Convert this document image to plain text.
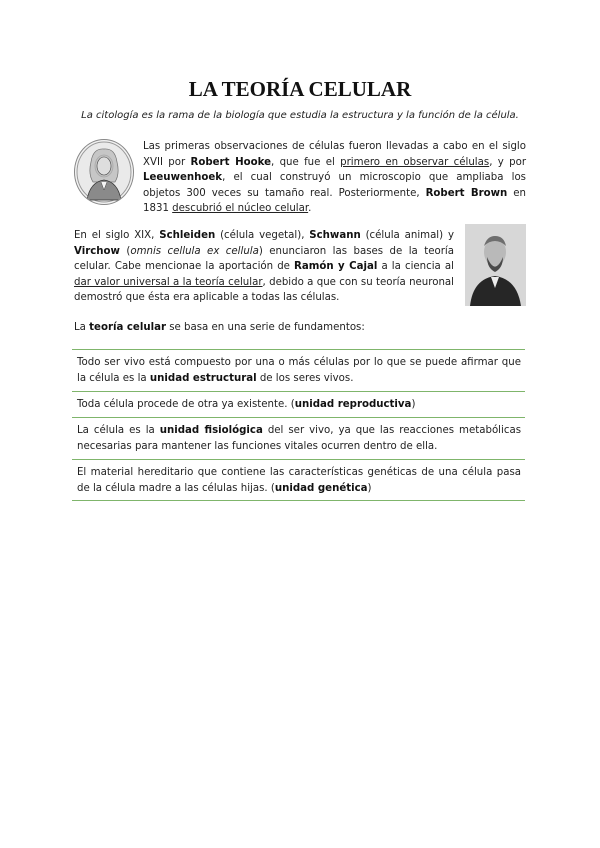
LA TEORÍA CELULAR
La citología es la rama de la biología que estudia la estructura y la función de la célula.
Las primeras observaciones de células fueron llevadas a cabo en el siglo XVII por Robert Hooke, que fue el primero en observar células, y por Leeuwenhoek, el cual construyó un microscopio que ampliaba los objetos 300 veces su tamaño real. Posteriormente, Robert Brown en 1831 descubrió el núcleo celular.
En el siglo XIX, Schleiden (célula vegetal), Schwann (célula animal) y Virchow (omnis cellula ex cellula) enunciaron las bases de la teoría celular. Cabe mencionae la aportación de Ramón y Cajal a la ciencia al dar valor universal a la teoría celular, debido a que con su teoría neuronal demostró que ésta era aplicable a todas las células.
La teoría celular se basa en una serie de fundamentos:
Todo ser vivo está compuesto por una o más células por lo que se puede afirmar que la célula es la unidad estructural de los seres vivos.
Toda célula procede de otra ya existente. (unidad reproductiva)
La célula es la unidad fisiológica del ser vivo, ya que las reacciones metabólicas necesarias para mantener las funciones vitales ocurren dentro de ella.
El material hereditario que contiene las características genéticas de una célula pasa de la célula madre a las células hijas. (unidad genética)
